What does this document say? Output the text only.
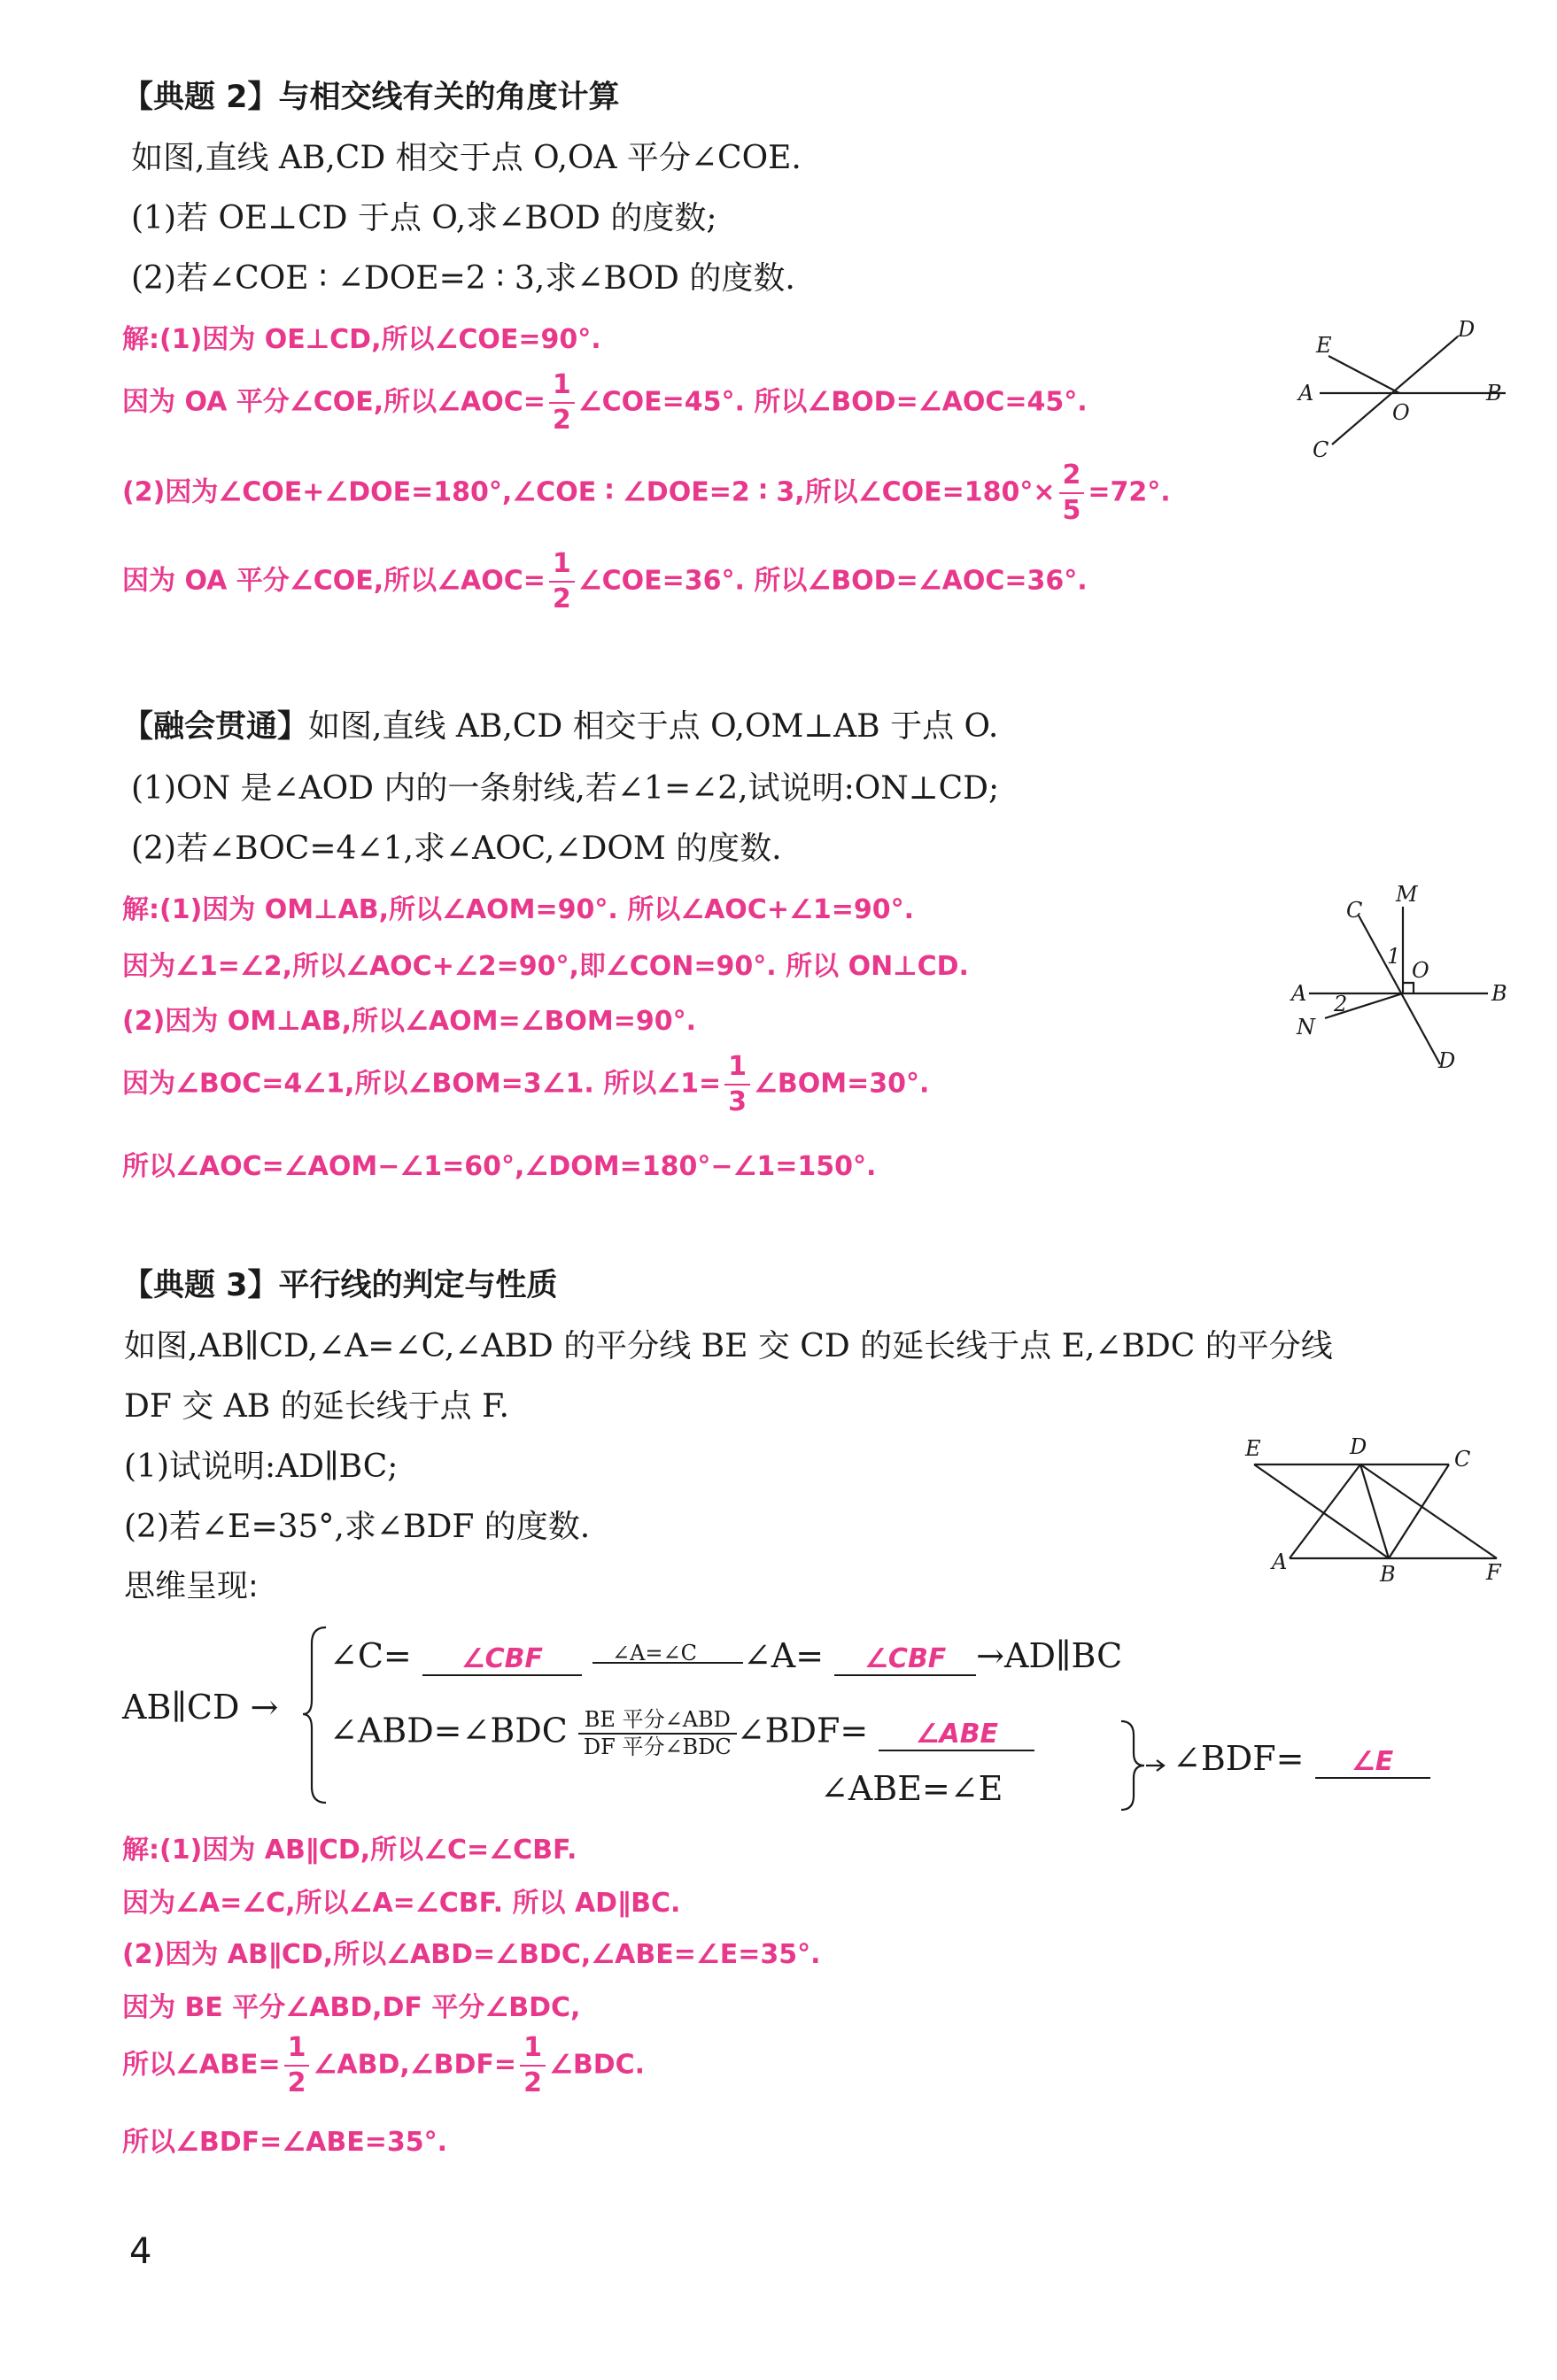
【典题 2】与相交线有关的角度计算
如图,直线 AB,CD 相交于点 O,OA 平分∠COE.
(1)若 OE⊥CD 于点 O,求∠BOD 的度数;
(2)若∠COE ∶ ∠DOE=2 ∶ 3,求∠BOD 的度数.
解:(1)因为 OE⊥CD,所以∠COE=90°.
因为 OA 平分∠COE,所以∠AOC= $\frac{1}{2}$ ∠COE=45°. 所以∠BOD=∠AOC=45°.
(2)因为∠COE+∠DOE=180°,∠COE ∶ ∠DOE=2 ∶ 3,所以∠COE=180°× $\frac{2}{5} =72^\circ$.
因为 OA 平分∠COE,所以∠AOC= $\frac{1}{2}$ ∠COE=36°. 所以∠BOD=∠AOC=36°.
E
D
A
O
B
C
【融会贯通】如图,直线 AB,CD 相交于点 O,OM⊥AB 于点 O.
(1)ON 是∠AOD 内的一条射线,若∠1=∠2,试说明:ON⊥CD;
(2)若∠BOC=4∠1,求∠AOC,∠DOM 的度数.
解:(1)因为 OM⊥AB,所以∠AOM=90°. 所以∠AOC+∠1=90°.
因为∠1=∠2,所以∠AOC+∠2=90°,即∠CON=90°. 所以 ON⊥CD.
(2)因为 OM⊥AB,所以∠AOM=∠BOM=90°.
因为∠BOC=4∠1,所以∠BOM=3∠1. 所以∠1= $\frac{1}{3}$ ∠BOM=30°.
所以∠AOC=∠AOM−∠1=60°,∠DOM=180°−∠1=150°.
C
M
1
O
A 2	B
N
D
【典题 3】平行线的判定与性质
如图,AB∥CD,∠A=∠C,∠ABD 的平分线 BE 交 CD 的延长线于点 E,∠BDC 的平分线
DF 交 AB 的延长线于点 F.
(1)试说明:AD∥BC;
(2)若∠E=35°,求∠BDF 的度数.
思维呈现:
E	D	C
A	B	F
AB∥CD →
∠C= ∠CBF	∠A=∠C ∠A= ∠CBF →AD∥BC
∠ABD=∠BDC BE 平分∠ABD
DF 平分∠BDC ∠BDF= ∠ABE
∠ABE=∠E
∠BDF= ∠E
解:(1)因为 AB∥CD,所以∠C=∠CBF.
因为∠A=∠C,所以∠A=∠CBF. 所以 AD∥BC.
(2)因为 AB∥CD,所以∠ABD=∠BDC,∠ABE=∠E=35°.
因为 BE 平分∠ABD,DF 平分∠BDC,
所以∠ABE= $\frac{1}{2}$ ∠ABD,∠BDF= $\frac{1}{2}$ ∠BDC.
所以∠BDF=∠ABE=35°.
4
